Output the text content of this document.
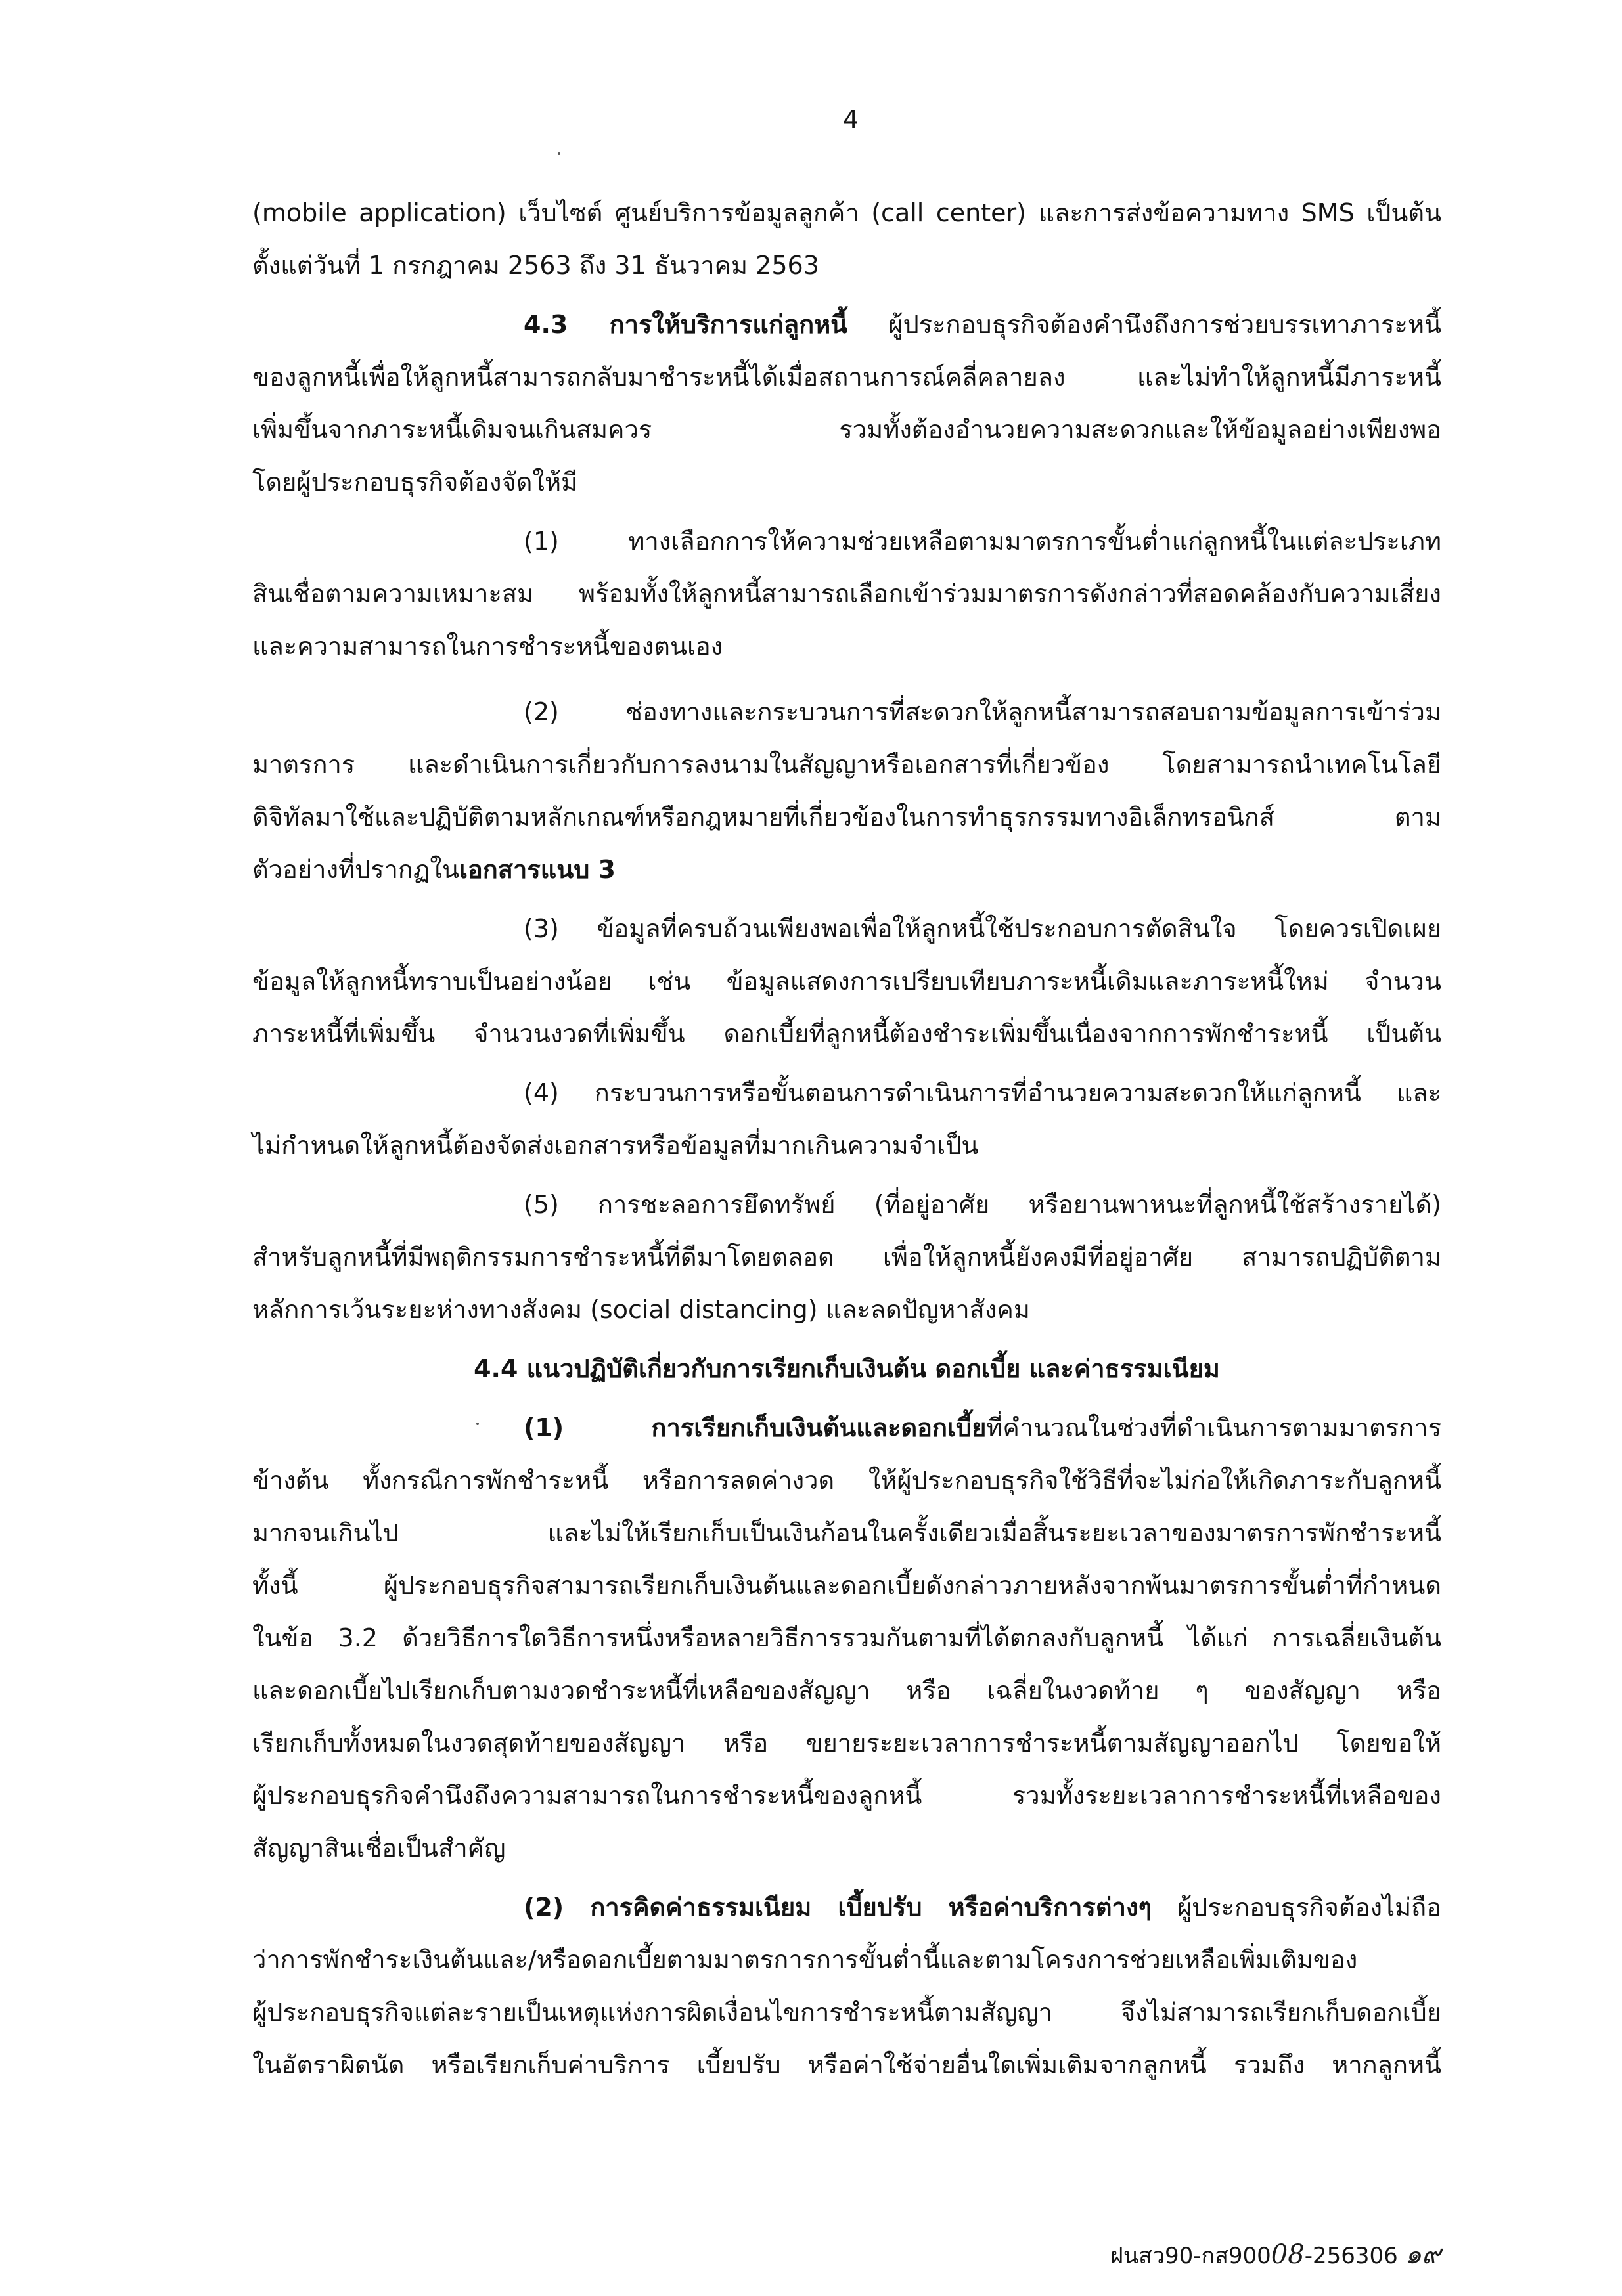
4
(mobile application) เว็บไซต์ ศูนย์บริการข้อมูลลูกค้า (call center) และการส่งข้อความทาง SMS เป็นต้น
ตั้งแต่วันที่ 1 กรกฎาคม 2563 ถึง 31 ธันวาคม 2563
4.3 การให้บริการแก่ลูกหนี้ ผู้ประกอบธุรกิจต้องคำนึงถึงการช่วยบรรเทาภาระหนี้
ของลูกหนี้เพื่อให้ลูกหนี้สามารถกลับมาชำระหนี้ได้เมื่อสถานการณ์คลี่คลายลง และไม่ทำให้ลูกหนี้มีภาระหนี้
เพิ่มขึ้นจากภาระหนี้เดิมจนเกินสมควร รวมทั้งต้องอำนวยความสะดวกและให้ข้อมูลอย่างเพียงพอ
โดยผู้ประกอบธุรกิจต้องจัดให้มี
(1) ทางเลือกการให้ความช่วยเหลือตามมาตรการขั้นต่ำแก่ลูกหนี้ในแต่ละประเภท
สินเชื่อตามความเหมาะสม พร้อมทั้งให้ลูกหนี้สามารถเลือกเข้าร่วมมาตรการดังกล่าวที่สอดคล้องกับความเสี่ยง
และความสามารถในการชำระหนี้ของตนเอง
(2) ช่องทางและกระบวนการที่สะดวกให้ลูกหนี้สามารถสอบถามข้อมูลการเข้าร่วม
มาตรการ และดำเนินการเกี่ยวกับการลงนามในสัญญาหรือเอกสารที่เกี่ยวข้อง โดยสามารถนำเทคโนโลยี
ดิจิทัลมาใช้และปฏิบัติตามหลักเกณฑ์หรือกฎหมายที่เกี่ยวข้องในการทำธุรกรรมทางอิเล็กทรอนิกส์ ตาม
ตัวอย่างที่ปรากฏในเอกสารแนบ 3
(3) ข้อมูลที่ครบถ้วนเพียงพอเพื่อให้ลูกหนี้ใช้ประกอบการตัดสินใจ โดยควรเปิดเผย
ข้อมูลให้ลูกหนี้ทราบเป็นอย่างน้อย เช่น ข้อมูลแสดงการเปรียบเทียบภาระหนี้เดิมและภาระหนี้ใหม่ จำนวน
ภาระหนี้ที่เพิ่มขึ้น จำนวนงวดที่เพิ่มขึ้น ดอกเบี้ยที่ลูกหนี้ต้องชำระเพิ่มขึ้นเนื่องจากการพักชำระหนี้ เป็นต้น
(4) กระบวนการหรือขั้นตอนการดำเนินการที่อำนวยความสะดวกให้แก่ลูกหนี้ และ
ไม่กำหนดให้ลูกหนี้ต้องจัดส่งเอกสารหรือข้อมูลที่มากเกินความจำเป็น
(5) การชะลอการยึดทรัพย์ (ที่อยู่อาศัย หรือยานพาหนะที่ลูกหนี้ใช้สร้างรายได้)
สำหรับลูกหนี้ที่มีพฤติกรรมการชำระหนี้ที่ดีมาโดยตลอด เพื่อให้ลูกหนี้ยังคงมีที่อยู่อาศัย สามารถปฏิบัติตาม
หลักการเว้นระยะห่างทางสังคม (social distancing) และลดปัญหาสังคม
4.4 แนวปฏิบัติเกี่ยวกับการเรียกเก็บเงินต้น ดอกเบี้ย และค่าธรรมเนียม
(1) การเรียกเก็บเงินต้นและดอกเบี้ยที่คำนวณในช่วงที่ดำเนินการตามมาตรการ
ข้างต้น ทั้งกรณีการพักชำระหนี้ หรือการลดค่างวด ให้ผู้ประกอบธุรกิจใช้วิธีที่จะไม่ก่อให้เกิดภาระกับลูกหนี้
มากจนเกินไป และไม่ให้เรียกเก็บเป็นเงินก้อนในครั้งเดียวเมื่อสิ้นระยะเวลาของมาตรการพักชำระหนี้
ทั้งนี้ ผู้ประกอบธุรกิจสามารถเรียกเก็บเงินต้นและดอกเบี้ยดังกล่าวภายหลังจากพ้นมาตรการขั้นต่ำที่กำหนด
ในข้อ 3.2 ด้วยวิธีการใดวิธีการหนึ่งหรือหลายวิธีการรวมกันตามที่ได้ตกลงกับลูกหนี้ ได้แก่ การเฉลี่ยเงินต้น
และดอกเบี้ยไปเรียกเก็บตามงวดชำระหนี้ที่เหลือของสัญญา หรือ เฉลี่ยในงวดท้าย ๆ ของสัญญา หรือ
เรียกเก็บทั้งหมดในงวดสุดท้ายของสัญญา หรือ ขยายระยะเวลาการชำระหนี้ตามสัญญาออกไป โดยขอให้
ผู้ประกอบธุรกิจคำนึงถึงความสามารถในการชำระหนี้ของลูกหนี้ รวมทั้งระยะเวลาการชำระหนี้ที่เหลือของ
สัญญาสินเชื่อเป็นสำคัญ
(2) การคิดค่าธรรมเนียม เบี้ยปรับ หรือค่าบริการต่างๆ ผู้ประกอบธุรกิจต้องไม่ถือ
ว่าการพักชำระเงินต้นและ/หรือดอกเบี้ยตามมาตรการการขั้นต่ำนี้และตามโครงการช่วยเหลือเพิ่มเติมของ
ผู้ประกอบธุรกิจแต่ละรายเป็นเหตุแห่งการผิดเงื่อนไขการชำระหนี้ตามสัญญา จึงไม่สามารถเรียกเก็บดอกเบี้ย
ในอัตราผิดนัด หรือเรียกเก็บค่าบริการ เบี้ยปรับ หรือค่าใช้จ่ายอื่นใดเพิ่มเติมจากลูกหนี้ รวมถึง หากลูกหนี้
ฝนสว90-กส90008-256306 ๑๙
